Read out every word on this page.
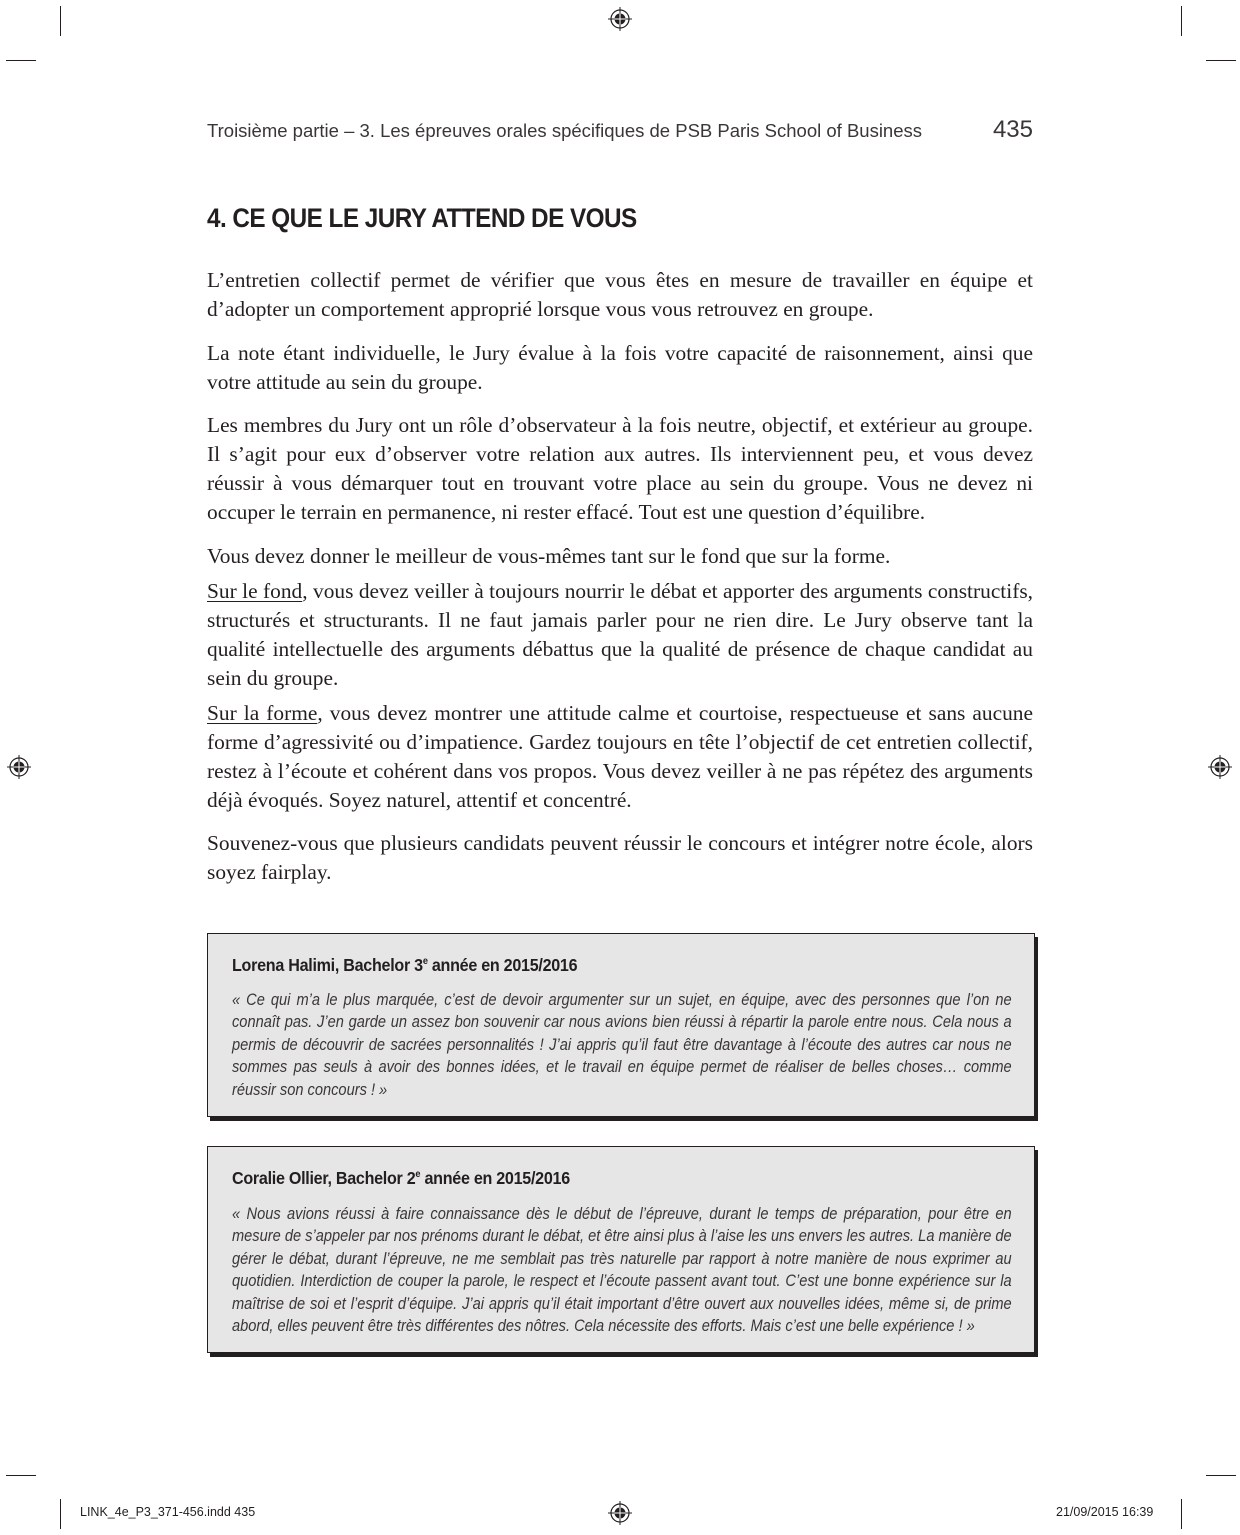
Troisième partie – 3. Les épreuves orales spécifiques de PSB Paris School of Business	435
4. CE QUE LE JURY ATTEND DE VOUS

L’entretien collectif permet de vérifier que vous êtes en mesure de travailler en équipe et d’adopter un comportement approprié lorsque vous vous retrouvez en groupe.

La note étant individuelle, le Jury évalue à la fois votre capacité de raisonnement, ainsi que votre attitude au sein du groupe.

Les membres du Jury ont un rôle d’observateur à la fois neutre, objectif, et extérieur au groupe. Il s’agit pour eux d’observer votre relation aux autres. Ils interviennent peu, et vous devez réussir à vous démarquer tout en trouvant votre place au sein du groupe. Vous ne devez ni occuper le terrain en permanence, ni rester effacé. Tout est une question d’équilibre.

Vous devez donner le meilleur de vous-mêmes tant sur le fond que sur la forme.

Sur le fond, vous devez veiller à toujours nourrir le débat et apporter des arguments constructifs, structurés et structurants. Il ne faut jamais parler pour ne rien dire. Le Jury observe tant la qualité intellectuelle des arguments débattus que la qualité de présence de chaque candidat au sein du groupe.

Sur la forme, vous devez montrer une attitude calme et courtoise, respectueuse et sans aucune forme d’agressivité ou d’impatience. Gardez toujours en tête l’objectif de cet entretien collectif, restez à l’écoute et cohérent dans vos propos. Vous devez veiller à ne pas répétez des arguments déjà évoqués. Soyez naturel, attentif et concentré.

Souvenez-vous que plusieurs candidats peuvent réussir le concours et intégrer notre école, alors soyez fairplay.

Lorena Halimi, Bachelor 3e année en 2015/2016

« Ce qui m’a le plus marquée, c’est de devoir argumenter sur un sujet, en équipe, avec des personnes que l’on ne connaît pas. J’en garde un assez bon souvenir car nous avions bien réussi à répartir la parole entre nous. Cela nous a permis de découvrir de sacrées personnalités ! J’ai appris qu’il faut être davantage à l’écoute des autres car nous ne sommes pas seuls à avoir des bonnes idées, et le travail en équipe permet de réaliser de belles choses… comme réussir son concours ! »

Coralie Ollier, Bachelor 2e année en 2015/2016

« Nous avions réussi à faire connaissance dès le début de l’épreuve, durant le temps de préparation, pour être en mesure de s’appeler par nos prénoms durant le débat, et être ainsi plus à l’aise les uns envers les autres. La manière de gérer le débat, durant l’épreuve, ne me semblait pas très naturelle par rapport à notre manière de nous exprimer au quotidien. Interdiction de couper la parole, le respect et l’écoute passent avant tout. C’est une bonne expérience sur la maîtrise de soi et l’esprit d’équipe. J’ai appris qu’il était important d’être ouvert aux nouvelles idées, même si, de prime abord, elles peuvent être très différentes des nôtres. Cela nécessite des efforts. Mais c’est une belle expérience ! »

LINK_4e_P3_371-456.indd 435	21/09/2015 16:39
